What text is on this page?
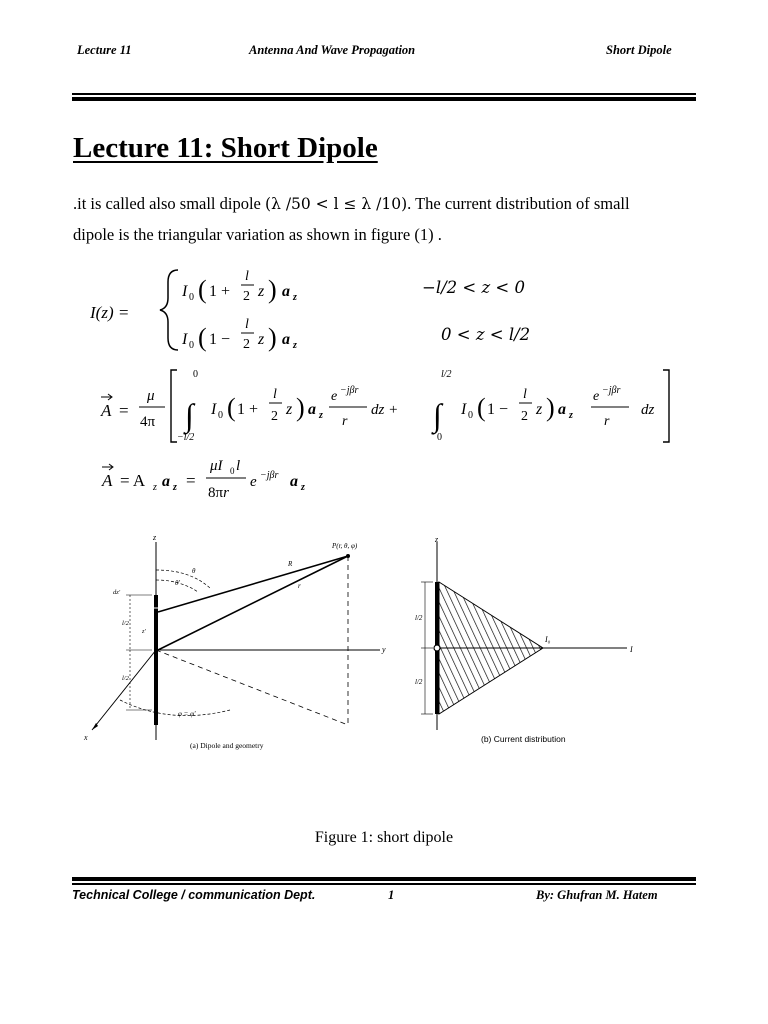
Lecture 11	Antenna And Wave Propagation	Short Dipole
Lecture 11: Short Dipole
.it is called also small dipole (λ /50 < l ≤ λ /10). The current distribution of small
dipole is the triangular variation as shown in figure (1) .
I(z) =
I 0 ( 1 +
l
2 z ) a z
I 0 ( 1 −
l
2 z ) a z
−l/2 < z < 0
0 < z < l/2
A =
μ
4π
0
∫
−l/2
I 0 ( 1 +
l
2 z ) a z
e −jβr
r
dz +
l/2
∫
0
I 0 ( 1 −
l
2 z ) a z
e −jβr
r
dz
A = A z a z =
μI 0 l
8πr
e −jβr a z
z
y
x
P(r, θ, φ)
R
r
θ
θ'
φ = φ'
dz'
l/2
z'
l/2
(a) Dipole and geometry
z
I
l/2
l/2
I₀
(b) Current distribution
Figure 1: short dipole
Technical College / communication Dept.	1	By: Ghufran M. Hatem
